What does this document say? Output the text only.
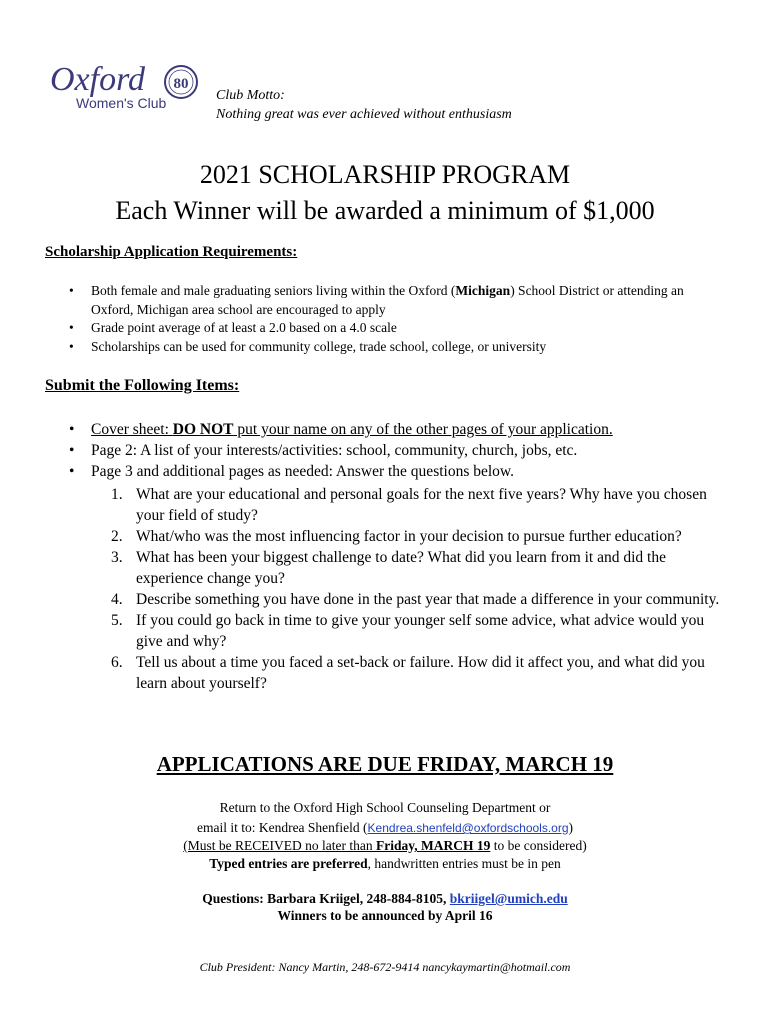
Oxford
Women's Club
80
Club Motto:
Nothing great was ever achieved without enthusiasm
2021 SCHOLARSHIP PROGRAM
Each Winner will be awarded a minimum of $1,000
Scholarship Application Requirements:
• Both female and male graduating seniors living within the Oxford (Michigan) School District or attending an Oxford, Michigan area school are encouraged to apply
• Grade point average of at least a 2.0 based on a 4.0 scale
• Scholarships can be used for community college, trade school, college, or university
Submit the Following Items:
• Cover sheet: DO NOT put your name on any of the other pages of your application.
• Page 2: A list of your interests/activities: school, community, church, jobs, etc.
• Page 3 and additional pages as needed: Answer the questions below.
1. What are your educational and personal goals for the next five years? Why have you chosen your field of study?
2. What/who was the most influencing factor in your decision to pursue further education?
3. What has been your biggest challenge to date? What did you learn from it and did the experience change you?
4. Describe something you have done in the past year that made a difference in your community.
5. If you could go back in time to give your younger self some advice, what advice would you give and why?
6. Tell us about a time you faced a set-back or failure. How did it affect you, and what did you learn about yourself?
APPLICATIONS ARE DUE FRIDAY, MARCH 19
Return to the Oxford High School Counseling Department or
email it to: Kendrea Shenfield (Kendrea.shenfeld@oxfordschools.org)
(Must be RECEIVED no later than Friday, MARCH 19 to be considered)
Typed entries are preferred, handwritten entries must be in pen
Questions: Barbara Kriigel, 248-884-8105, bkriigel@umich.edu
Winners to be announced by April 16
Club President: Nancy Martin, 248-672-9414 nancykaymartin@hotmail.com
